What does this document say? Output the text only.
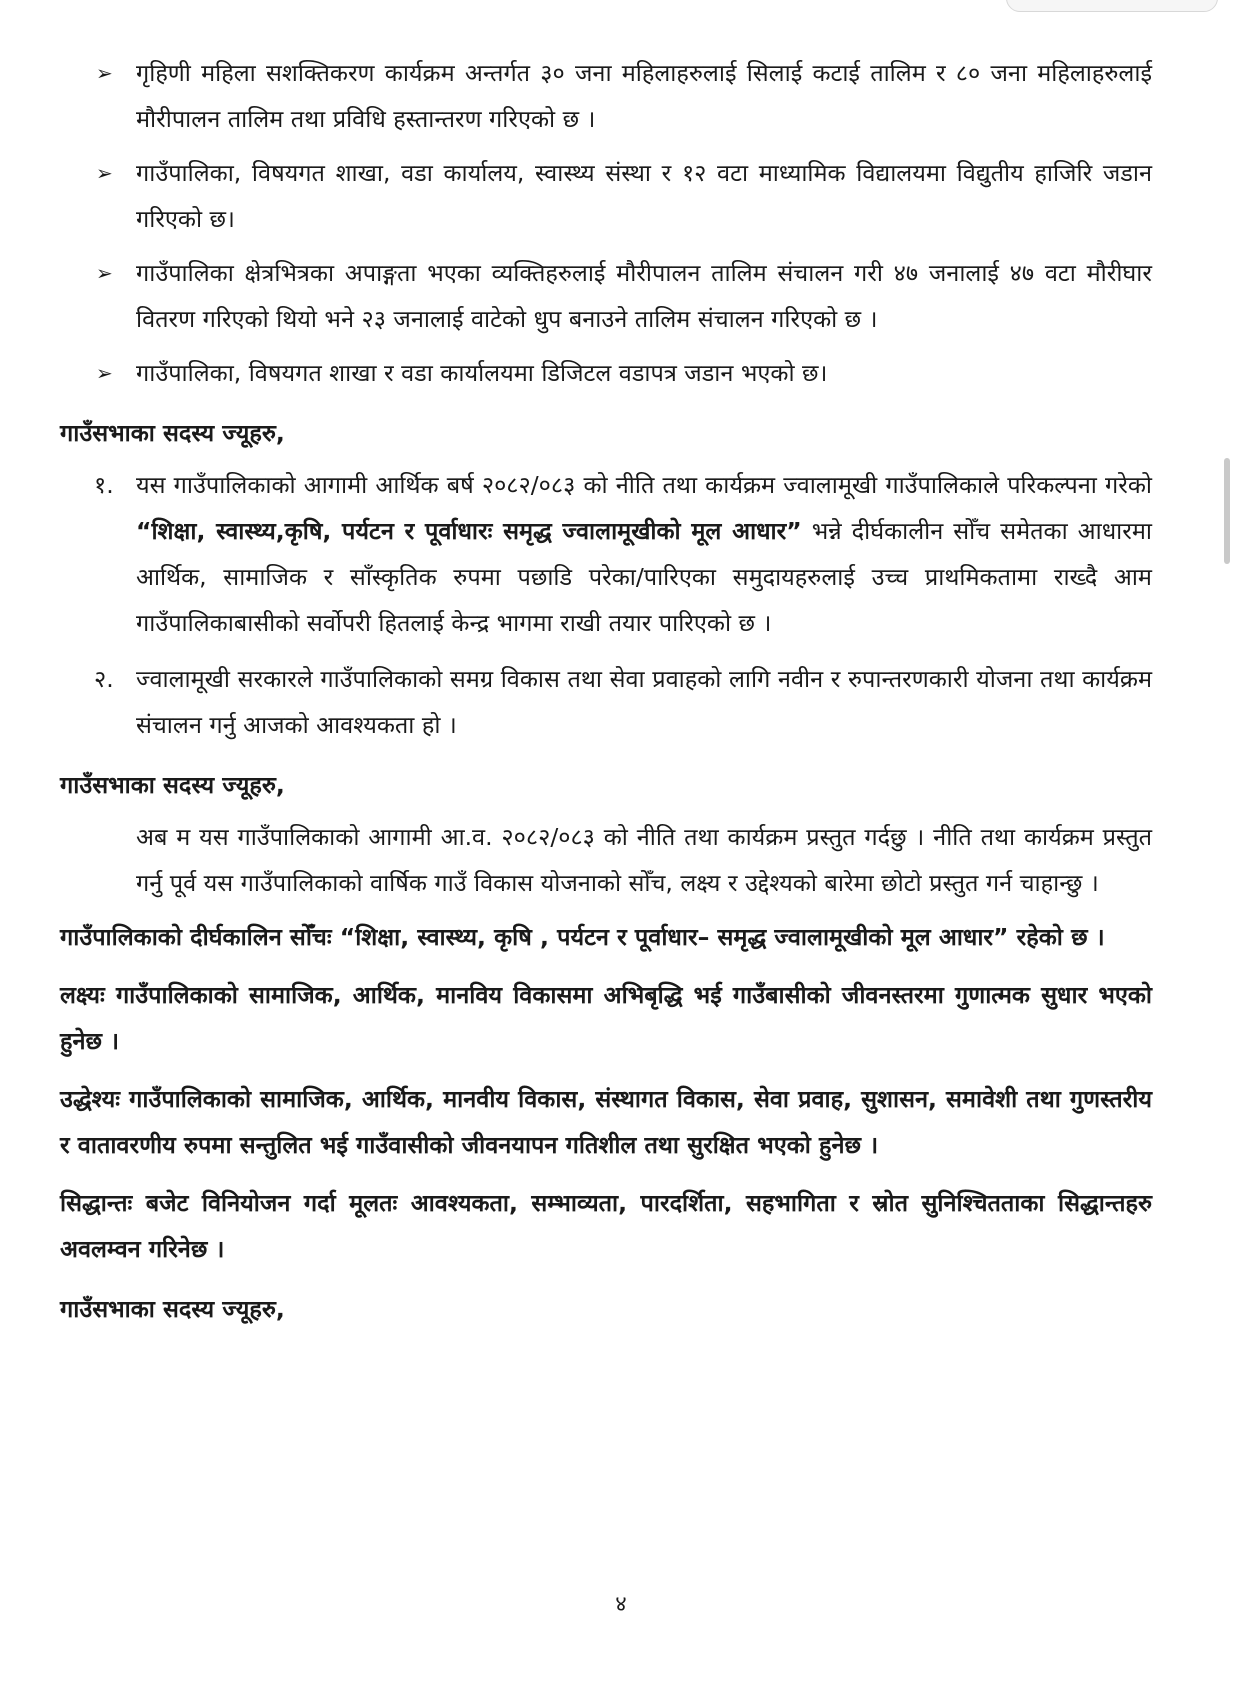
➢ गृहिणी महिला सशक्तिकरण कार्यक्रम अन्तर्गत ३० जना महिलाहरुलाई सिलाई कटाई तालिम र ८० जना महिलाहरुलाई मौरीपालन तालिम तथा प्रविधि हस्तान्तरण गरिएको छ ।
➢ गाउँपालिका, विषयगत शाखा, वडा कार्यालय, स्वास्थ्य संस्था र १२ वटा माध्यामिक विद्यालयमा विद्युतीय हाजिरि जडान गरिएको छ।
➢ गाउँपालिका क्षेत्रभित्रका अपाङ्गता भएका व्यक्तिहरुलाई मौरीपालन तालिम संचालन गरी ४७ जनालाई ४७ वटा मौरीघार वितरण गरिएको थियो भने २३ जनालाई वाटेको धुप बनाउने तालिम संचालन गरिएको छ ।
➢ गाउँपालिका, विषयगत शाखा र वडा कार्यालयमा डिजिटल वडापत्र जडान भएको छ।

गाउँसभाका सदस्य ज्यूहरु,

१. यस गाउँपालिकाको आगामी आर्थिक बर्ष २०८२/०८३ को नीति तथा कार्यक्रम ज्वालामूखी गाउँपालिकाले परिकल्पना गरेको “शिक्षा, स्वास्थ्य,कृषि, पर्यटन र पूर्वाधारः समृद्ध ज्वालामूखीको मूल आधार” भन्ने दीर्घकालीन सोँच समेतका आधारमा आर्थिक, सामाजिक र साँस्कृतिक रुपमा पछाडि परेका/पारिएका समुदायहरुलाई उच्च प्राथमिकतामा राख्दै आम गाउँपालिकाबासीको सर्वोपरी हितलाई केन्द्र भागमा राखी तयार पारिएको छ ।
२. ज्वालामूखी सरकारले गाउँपालिकाको समग्र विकास तथा सेवा प्रवाहको लागि नवीन र रुपान्तरणकारी योजना तथा कार्यक्रम संचालन गर्नु आजको आवश्यकता हो ।

गाउँसभाका सदस्य ज्यूहरु,

अब म यस गाउँपालिकाको आगामी आ.व. २०८२/०८३ को नीति तथा कार्यक्रम प्रस्तुत गर्दछु । नीति तथा कार्यक्रम प्रस्तुत गर्नु पूर्व यस गाउँपालिकाको वार्षिक गाउँ विकास योजनाको सोँच, लक्ष्य र उद्देश्यको बारेमा छोटो प्रस्तुत गर्न चाहान्छु ।

गाउँपालिकाको दीर्घकालिन सोँचः “शिक्षा, स्वास्थ्य, कृषि , पर्यटन र पूर्वाधार– समृद्ध ज्वालामूखीको मूल आधार” रहेको छ ।

लक्ष्यः गाउँपालिकाको सामाजिक, आर्थिक, मानविय विकासमा अभिबृद्धि भई गाउँबासीको जीवनस्तरमा गुणात्मक सुधार भएको हुनेछ ।

उद्धेश्यः गाउँपालिकाको सामाजिक, आर्थिक, मानवीय विकास, संस्थागत विकास, सेवा प्रवाह, सुशासन, समावेशी तथा गुणस्तरीय र वातावरणीय रुपमा सन्तुलित भई गाउँवासीको जीवनयापन गतिशील तथा सुरक्षित भएको हुनेछ ।

सिद्धान्तः बजेट विनियोजन गर्दा मूलतः आवश्यकता, सम्भाव्यता, पारदर्शिता, सहभागिता र स्रोत सुनिश्चितताका सिद्धान्तहरु अवलम्वन गरिनेछ ।

गाउँसभाका सदस्य ज्यूहरु,

४
